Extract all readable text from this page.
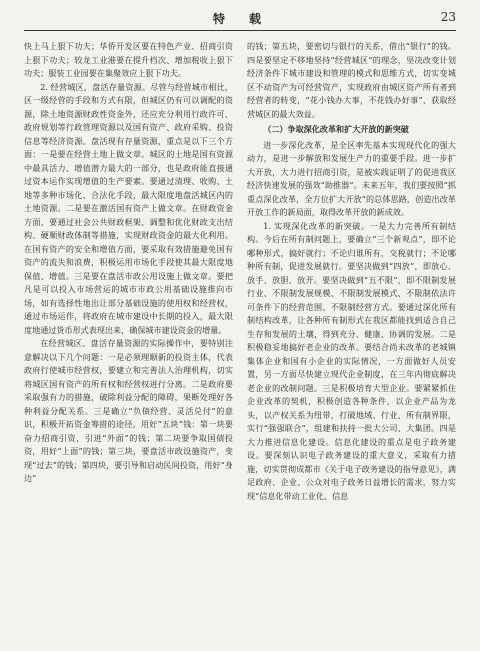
特　载	23

快上马上狠下功夫；华侨开发区要在特色产业、招商引资上狠下功夫；较龙工业港要在提升档次、增加税收上狠下功夫；服装工业园要在集聚效应上狠下功夫。

2. 经营城区，盘活存量资源。尽管与经营城市相比，区一级经营的手段和方式有限，但城区仍有可以调配的资源，除土地资源财政性资金外，还应充分利用行政许可、政府规划等行政管理资源以及国有资产、政府采购、投资信息等经济资源。盘活现有存量资源，重点是以下三个方面：一是要在经营土地上做文章。城区的土地是国有资源中最具活力、增值潜力最大的一部分，也是政府能直接通过资本运作实现增值的生产要素。要通过清理、收购、土地等多种市场化、合法化手段，最大限度地盘活城区内的土地资源。二是要在激活国有资产上做文章。在财政资金方面，要通过社会公共财政框架、调整和优化财政支出结构、硬顺财政体制等措施，实现财政资金的最大化利用。在国有资产的安全和增值方面，要采取有效措施避免国有资产的流失和浪费，积极运用市场化手段使其最大限度地保值、增值。三是要在盘活市政公用设施上做文章。要把凡是可以投入市场营运的城市市政公用基础设施推向市场，如有选择性地出让部分基础设施的使用权和经营权，通过市场运作，将政府在城市建设中长期的投入，最大限度地通过货币形式表现出来，确保城市建设资金的增量。

在经营城区、盘活存量资源的实际操作中，要特别注意解决以下几个问题：一是必须理顺新的投资主体，代表政府行使城市经营权，要建立和完善法人治理机构，切实将城区国有资产的所有权和经营权进行分离。二是政府要采取强有力的措施，破除利益分配的障碍，果断处理好各种利益分配关系。三是确立“负债经营、灵活兑付”的意识，积极开拓资金筹措的途径，用好“五块”钱：第一块要奋力招商引资，引进“外面”的钱；第二块要争取国债投资，用好“上面”的钱；第三块，要盘活市政设施资产，变现“过去”的钱；第四块，要引导和启动民间投资，用好“身边”

的钱；第五块，要密切与银行的关系，借出“银行”的钱。四是要坚定不移地坚持“经营城区”的理念，坚决改变计划经济条件下城市建设和管理的模式和思维方式，切实变城区不动资产为可经营资产，实现政府由城区资产所有者到经营者的转变，“花小钱办大事，不花钱办好事”，获取经营城区的最大效益。

（二）争取深化改革和扩大开放的新突破

进一步深化改革，是全区率先基本实现现代化的强大动力，是进一步解放和发展生产力的重要手段。进一步扩大开放，大力进行招商引资，是被实践证明了的促进我区经济快速发展的强效“助推器”。未来五年，我们要按照“抓重点深化改革，全方位扩大开放”的总体思路，创造出改革开放工作的新局面，取得改革开放的新成效。

1. 实现深化改革的新突破。一是大力完善所有制结构。今后在所有制问题上，要确立“三个新观点”，即不论哪种形式，搞好就行；不论归谁所有，交税就行；不论哪种所有制，促进发展就行。要坚决做到“四放”，即放心、放手、放胆、放开。要坚决做到“五不限”，即不限制发展行业、不限制发展规模、不限制发展模式、不限制依法许可条件下的经营范围、不限制经营方式。要通过深化所有制结构改革，让各种所有制形式在我区都能找到适合自己生存和发展的土壤，得到充分、健康、协调的发展。二是积极稳妥地搞好老企业的改革。要结合尚未改革的老城镇集体企业和国有小企业的实际情况，一方面做好人员安置，另一方面尽快建立现代企业制度，在三年内彻底解决老企业的改制问题。三是积极培育大型企业。要紧紧抓住企业改革的契机，积极创造各种条件，以企业产品为龙头，以产权关系为纽带，打破地域、行业、所有制界限，实行“强强联合”，组建和扶持一批大公司、大集团。四是大力推进信息化建设。信息化建设的重点是电子政务建设。要深刻认识电子政务建设的重大意义，采取有力措施，切实贯彻成都市《关于电子政务建设的指导意见》，满足政府、企业、公众对电子政务日益增长的需求，努力实现“信息化带动工业化、信息
